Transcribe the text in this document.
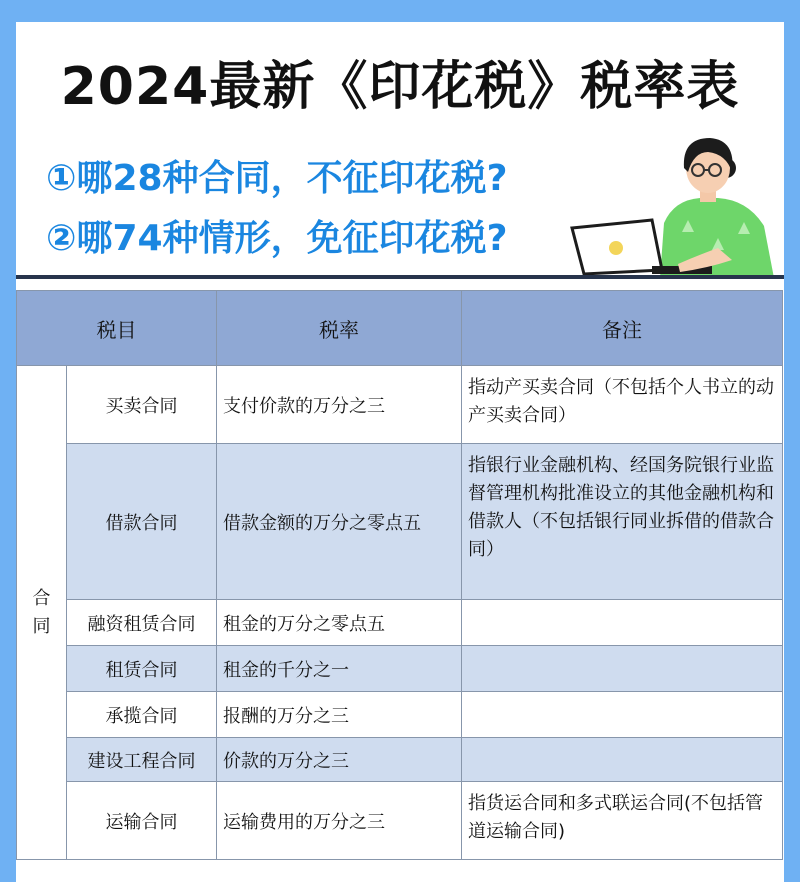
2024最新《印花税》税率表
①哪28种合同，不征印花税?
②哪74种情形，免征印花税?
税目		税率	备注
合同	买卖合同	支付价款的万分之三	指动产买卖合同（不包括个人书立的动产买卖合同）
	借款合同	借款金额的万分之零点五	指银行业金融机构、经国务院银行业监督管理机构批准设立的其他金融机构和借款人（不包括银行同业拆借的借款合同）
	融资租赁合同	租金的万分之零点五	
	租赁合同	租金的千分之一	
	承揽合同	报酬的万分之三	
	建设工程合同	价款的万分之三	
	运输合同	运输费用的万分之三	指货运合同和多式联运合同(不包括管道运输合同)
